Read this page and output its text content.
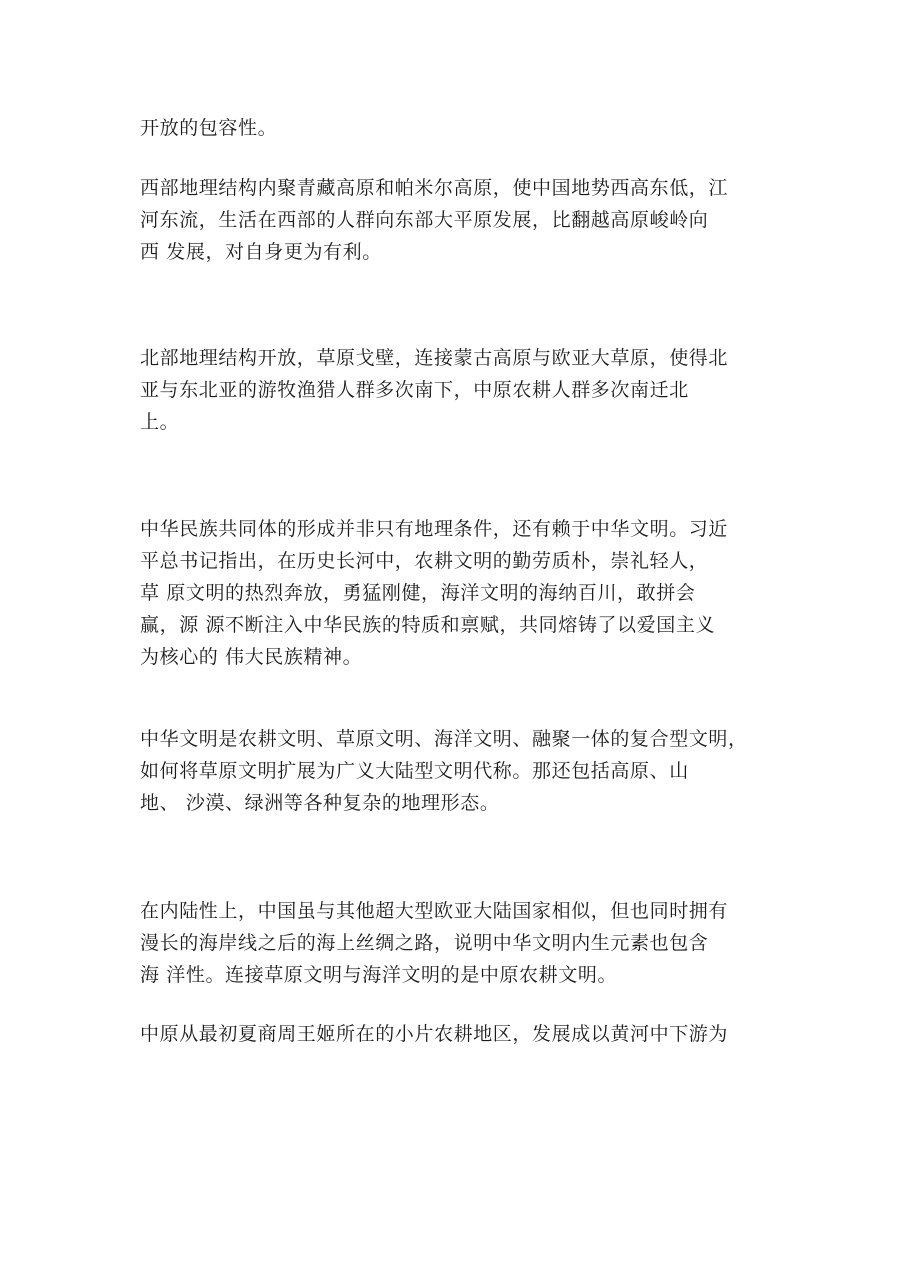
开放的包容性。
西部地理结构内聚青藏高原和帕米尔高原，使中国地势西高东低，江
河东流，生活在西部的人群向东部大平原发展，比翻越高原峻岭向
西 发展，对自身更为有利。
北部地理结构开放，草原戈壁，连接蒙古高原与欧亚大草原，使得北
亚与东北亚的游牧渔猎人群多次南下，中原农耕人群多次南迁北
上。
中华民族共同体的形成并非只有地理条件，还有赖于中华文明。习近
平总书记指出，在历史长河中，农耕文明的勤劳质朴，崇礼轻人，
草 原文明的热烈奔放，勇猛刚健，海洋文明的海纳百川，敢拼会
赢，源 源不断注入中华民族的特质和禀赋，共同熔铸了以爱国主义
为核心的 伟大民族精神。
中华文明是农耕文明、草原文明、海洋文明、融聚一体的复合型文明，
如何将草原文明扩展为广义大陆型文明代称。那还包括高原、山
地、 沙漠、绿洲等各种复杂的地理形态。
在内陆性上，中国虽与其他超大型欧亚大陆国家相似，但也同时拥有
漫长的海岸线之后的海上丝绸之路，说明中华文明内生元素也包含
海 洋性。连接草原文明与海洋文明的是中原农耕文明。
中原从最初夏商周王姬所在的小片农耕地区，发展成以黄河中下游为
